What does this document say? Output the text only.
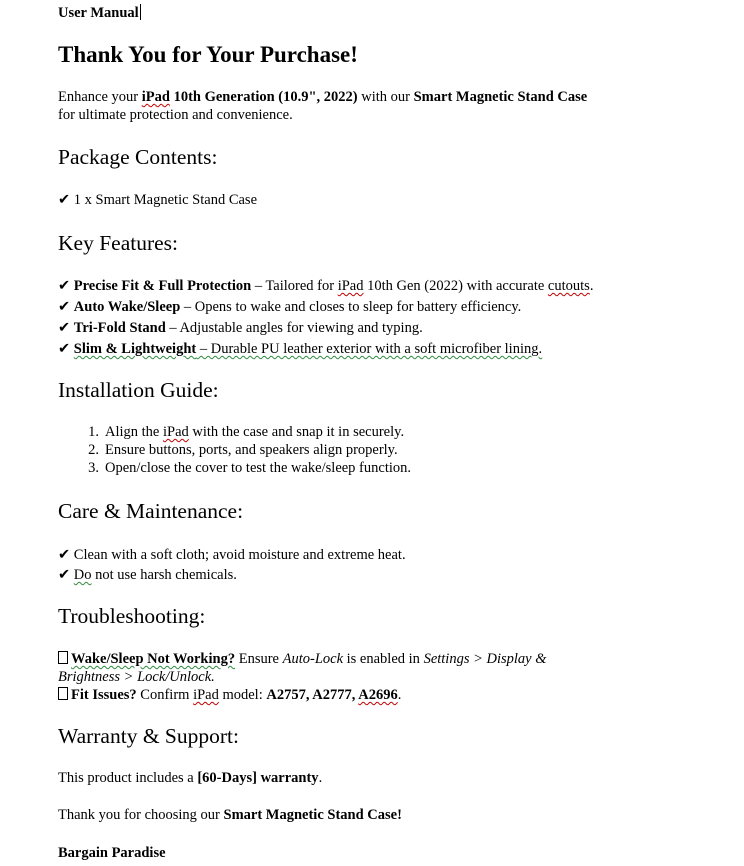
User Manual
Thank You for Your Purchase!
Enhance your iPad 10th Generation (10.9", 2022) with our Smart Magnetic Stand Case
for ultimate protection and convenience.
Package Contents:
✔ 1 x Smart Magnetic Stand Case
Key Features:
✔ Precise Fit & Full Protection – Tailored for iPad 10th Gen (2022) with accurate cutouts.
✔ Auto Wake/Sleep – Opens to wake and closes to sleep for battery efficiency.
✔ Tri-Fold Stand – Adjustable angles for viewing and typing.
✔ Slim & Lightweight – Durable PU leather exterior with a soft microfiber lining.
Installation Guide:
1. Align the iPad with the case and snap it in securely.
2. Ensure buttons, ports, and speakers align properly.
3. Open/close the cover to test the wake/sleep function.
Care & Maintenance:
✔ Clean with a soft cloth; avoid moisture and extreme heat.
✔ Do not use harsh chemicals.
Troubleshooting:
Wake/Sleep Not Working? Ensure Auto-Lock is enabled in Settings > Display &
Brightness > Lock/Unlock.
Fit Issues? Confirm iPad model: A2757, A2777, A2696.
Warranty & Support:
This product includes a [60-Days] warranty.
Thank you for choosing our Smart Magnetic Stand Case!
Bargain Paradise
